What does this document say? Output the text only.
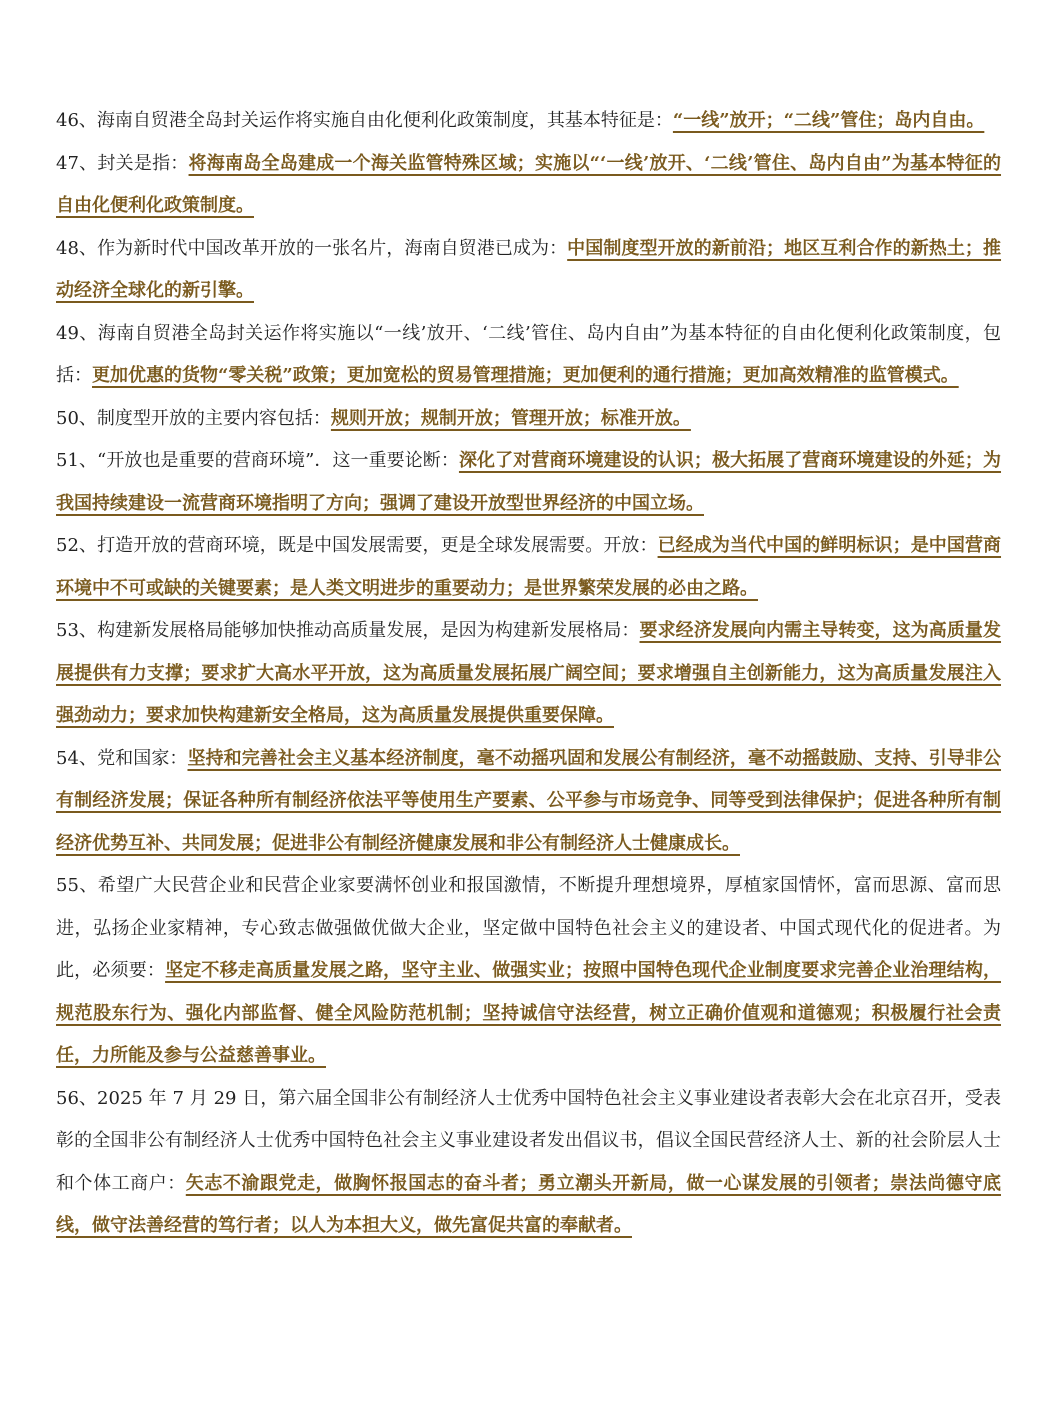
46、海南自贸港全岛封关运作将实施自由化便利化政策制度，其基本特征是：“一线”放开；“二线”管住；岛内自由。

47、封关是指：将海南岛全岛建成一个海关监管特殊区域；实施以“‘一线’放开、‘二线’管住、岛内自由”为基本特征的自由化便利化政策制度。

48、作为新时代中国改革开放的一张名片，海南自贸港已成为：中国制度型开放的新前沿；地区互利合作的新热土；推动经济全球化的新引擎。

49、海南自贸港全岛封关运作将实施以“一线’放开、‘二线’管住、岛内自由”为基本特征的自由化便利化政策制度，包括：更加优惠的货物“零关税”政策；更加宽松的贸易管理措施；更加便利的通行措施；更加高效精准的监管模式。

50、制度型开放的主要内容包括：规则开放；规制开放；管理开放；标准开放。

51、“开放也是重要的营商环境”．这一重要论断：深化了对营商环境建设的认识；极大拓展了营商环境建设的外延；为我国持续建设一流营商环境指明了方向；强调了建设开放型世界经济的中国立场。

52、打造开放的营商环境，既是中国发展需要，更是全球发展需要。开放：已经成为当代中国的鲜明标识；是中国营商环境中不可或缺的关键要素；是人类文明进步的重要动力；是世界繁荣发展的必由之路。

53、构建新发展格局能够加快推动高质量发展，是因为构建新发展格局：要求经济发展向内需主导转变，这为高质量发展提供有力支撑；要求扩大高水平开放，这为高质量发展拓展广阔空间；要求增强自主创新能力，这为高质量发展注入强劲动力；要求加快构建新安全格局，这为高质量发展提供重要保障。

54、党和国家：坚持和完善社会主义基本经济制度，毫不动摇巩固和发展公有制经济，毫不动摇鼓励、支持、引导非公有制经济发展；保证各种所有制经济依法平等使用生产要素、公平参与市场竞争、同等受到法律保护；促进各种所有制经济优势互补、共同发展；促进非公有制经济健康发展和非公有制经济人士健康成长。

55、希望广大民营企业和民营企业家要满怀创业和报国激情，不断提升理想境界，厚植家国情怀，富而思源、富而思进，弘扬企业家精神，专心致志做强做优做大企业，坚定做中国特色社会主义的建设者、中国式现代化的促进者。为此，必须要：坚定不移走高质量发展之路，坚守主业、做强实业；按照中国特色现代企业制度要求完善企业治理结构，规范股东行为、强化内部监督、健全风险防范机制；坚持诚信守法经营，树立正确价值观和道德观；积极履行社会责任，力所能及参与公益慈善事业。

56、2025 年 7 月 29 日，第六届全国非公有制经济人士优秀中国特色社会主义事业建设者表彰大会在北京召开，受表彰的全国非公有制经济人士优秀中国特色社会主义事业建设者发出倡议书，倡议全国民营经济人士、新的社会阶层人士和个体工商户：矢志不渝跟党走，做胸怀报国志的奋斗者；勇立潮头开新局，做一心谋发展的引领者；崇法尚德守底线，做守法善经营的笃行者；以人为本担大义，做先富促共富的奉献者。
